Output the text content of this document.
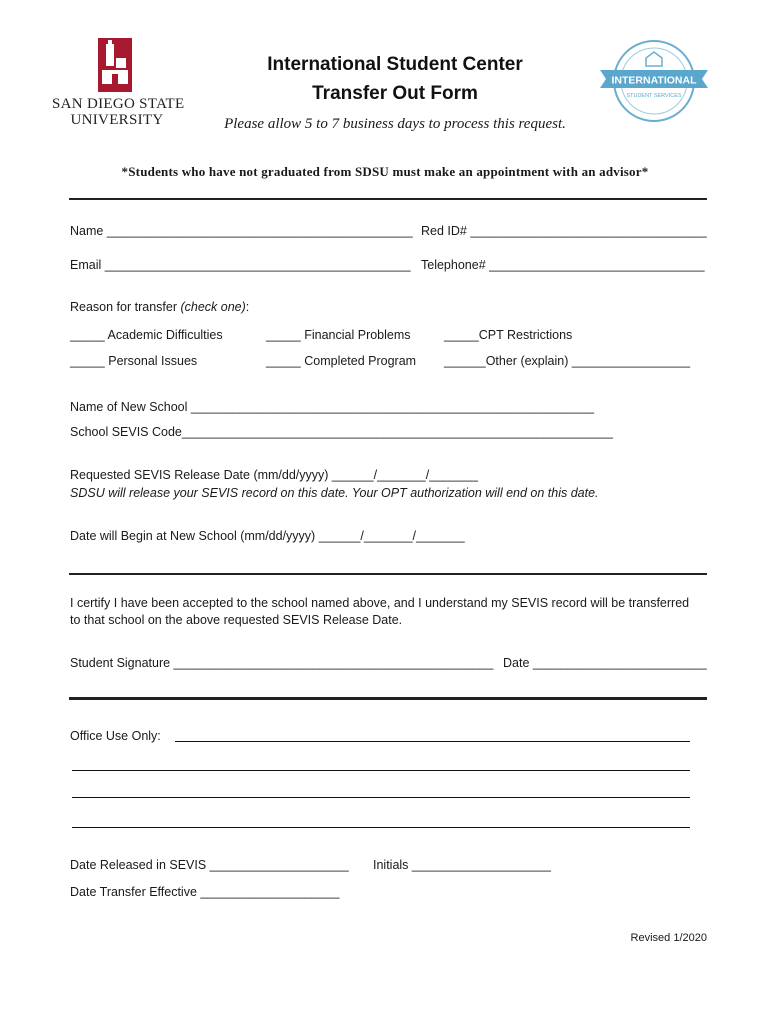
SAN DIEGO STATE
UNIVERSITY
International Student Center
Transfer Out Form
Please allow 5 to 7 business days to process this request.
INTERNATIONAL
STUDENT SERVICES
*Students who have not graduated from SDSU must make an appointment with an advisor*
Name ____________________________________________ Red ID# __________________________________
Email ____________________________________________ Telephone# _______________________________
Reason for transfer (check one):
_____ Academic Difficulties	_____ Financial Problems	_____CPT Restrictions
_____ Personal Issues	_____ Completed Program ______Other (explain) _________________
Name of New School __________________________________________________________
School SEVIS Code______________________________________________________________
Requested SEVIS Release Date (mm/dd/yyyy) ______/_______/_______
SDSU will release your SEVIS record on this date. Your OPT authorization will end on this date.
Date will Begin at New School (mm/dd/yyyy) ______/_______/_______
I certify I have been accepted to the school named above, and I understand my SEVIS record will be transferred
to that school on the above requested SEVIS Release Date.
Student Signature ______________________________________________ Date _________________________
Office Use Only:
Date Released in SEVIS ____________________ Initials ____________________
Date Transfer Effective ____________________
Revised 1/2020
